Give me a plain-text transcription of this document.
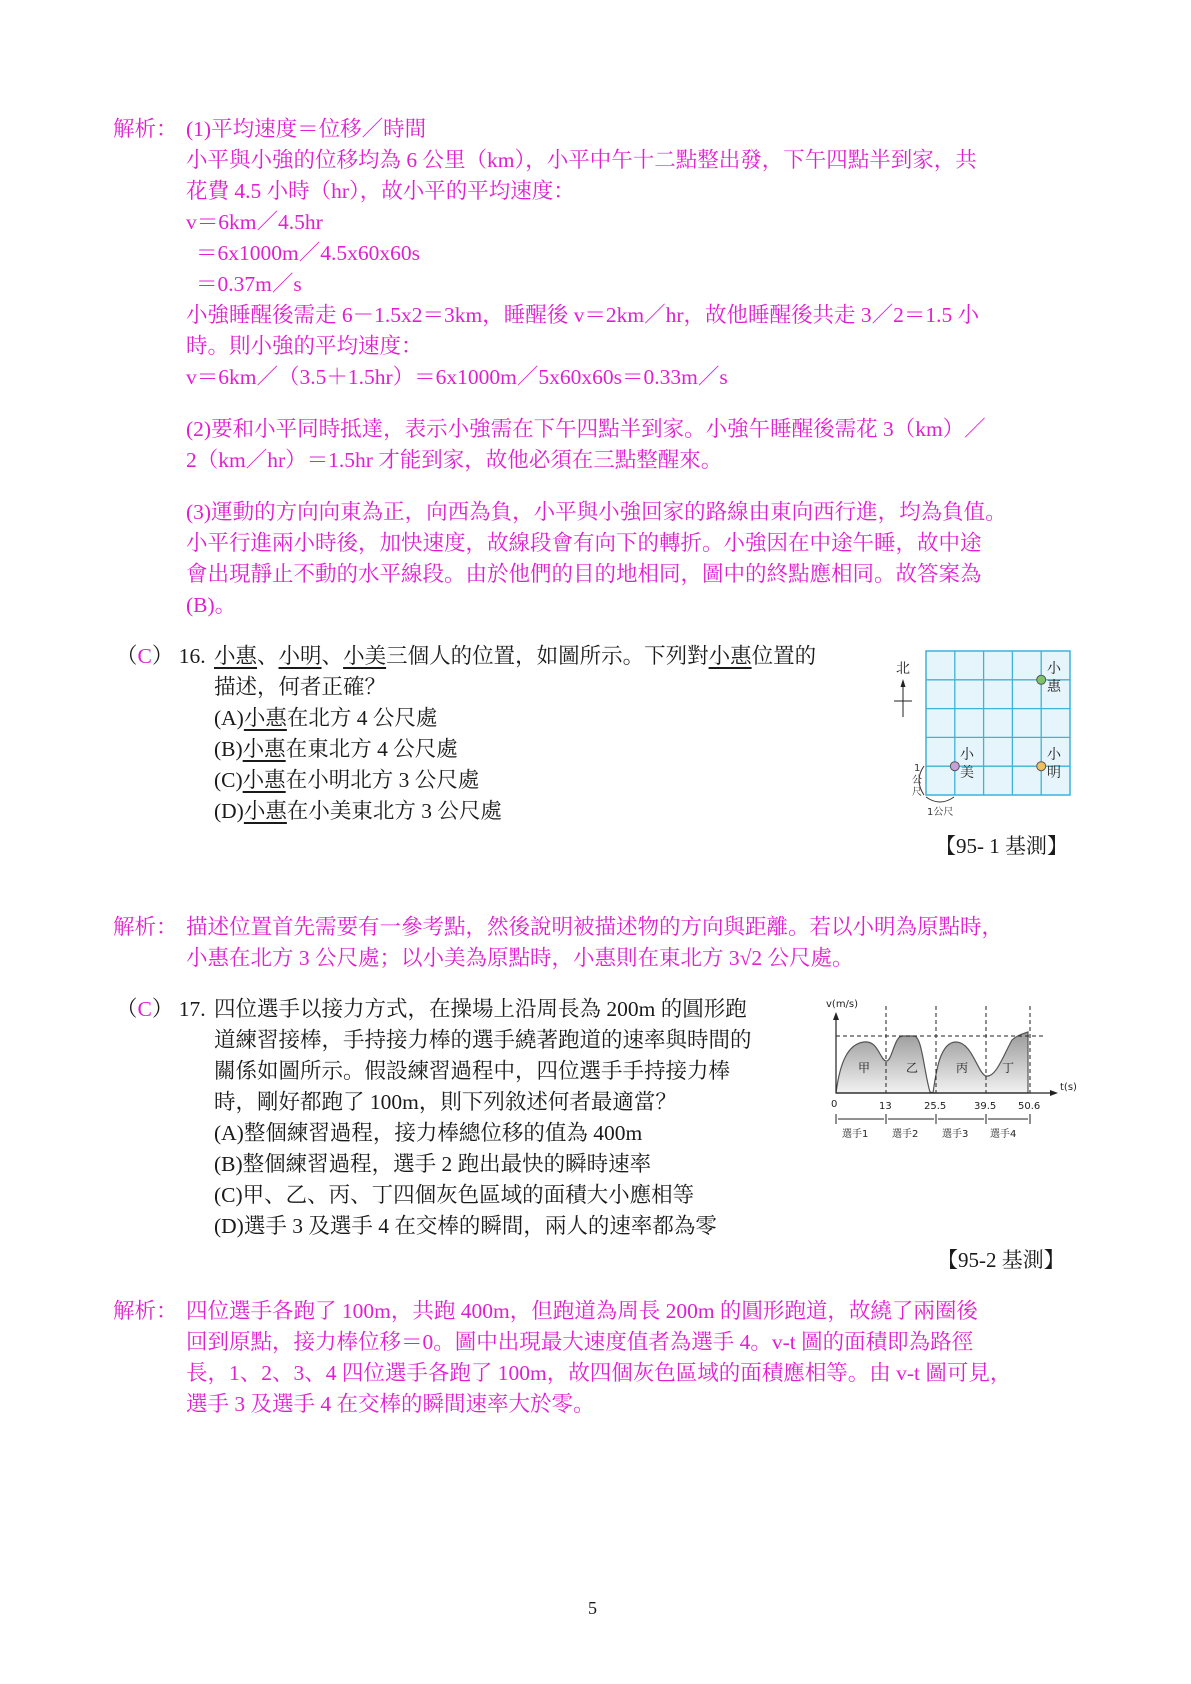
解析： (1)平均速度＝位移／時間
小平與小強的位移均為 6 公里（km），小平中午十二點整出發，下午四點半到家，共
花費 4.5 小時（hr），故小平的平均速度：
v＝6km／4.5hr
＝6x1000m／4.5x60x60s
＝0.37m／s
小強睡醒後需走 6－1.5x2＝3km，睡醒後 v＝2km／hr，故他睡醒後共走 3／2＝1.5 小
時。則小強的平均速度：
v＝6km／（3.5＋1.5hr）＝6x1000m／5x60x60s＝0.33m／s
(2)要和小平同時抵達，表示小強需在下午四點半到家。小強午睡醒後需花 3（km）／
2（km／hr）＝1.5hr 才能到家，故他必須在三點整醒來。
(3)運動的方向向東為正，向西為負，小平與小強回家的路線由東向西行進，均為負值。
小平行進兩小時後，加快速度，故線段會有向下的轉折。小強因在中途午睡，故中途
會出現靜止不動的水平線段。由於他們的目的地相同，圖中的終點應相同。故答案為
(B)。
（C） 16. 小惠、小明、小美三個人的位置，如圖所示。下列對小惠位置的
描述，何者正確？
(A)小惠在北方 4 公尺處
(B)小惠在東北方 4 公尺處
(C)小惠在小明北方 3 公尺處
(D)小惠在小美東北方 3 公尺處
北
1
公
尺
1公尺
小
惠
小
美
小
明
【95- 1 基測】
解析： 描述位置首先需要有一參考點，然後說明被描述物的方向與距離。若以小明為原點時，
小惠在北方 3 公尺處；以小美為原點時，小惠則在東北方 3√2 公尺處。
（C） 17. 四位選手以接力方式，在操場上沿周長為 200m 的圓形跑
道練習接棒，手持接力棒的選手繞著跑道的速率與時間的
關係如圖所示。假設練習過程中，四位選手手持接力棒
時，剛好都跑了 100m，則下列敘述何者最適當？
(A)整個練習過程，接力棒總位移的值為 400m
(B)整個練習過程，選手 2 跑出最快的瞬時速率
(C)甲、乙、丙、丁四個灰色區域的面積大小應相等
(D)選手 3 及選手 4 在交棒的瞬間，兩人的速率都為零
v(m/s)
甲	乙	丙	丁
t(s)
0	13	25.5	39.5 50.6
選手1 選手2 選手3 選手4
【95-2 基測】
解析： 四位選手各跑了 100m，共跑 400m，但跑道為周長 200m 的圓形跑道，故繞了兩圈後
回到原點，接力棒位移＝0。圖中出現最大速度值者為選手 4。v-t 圖的面積即為路徑
長，1、2、3、4 四位選手各跑了 100m，故四個灰色區域的面積應相等。由 v-t 圖可見，
選手 3 及選手 4 在交棒的瞬間速率大於零。
5
